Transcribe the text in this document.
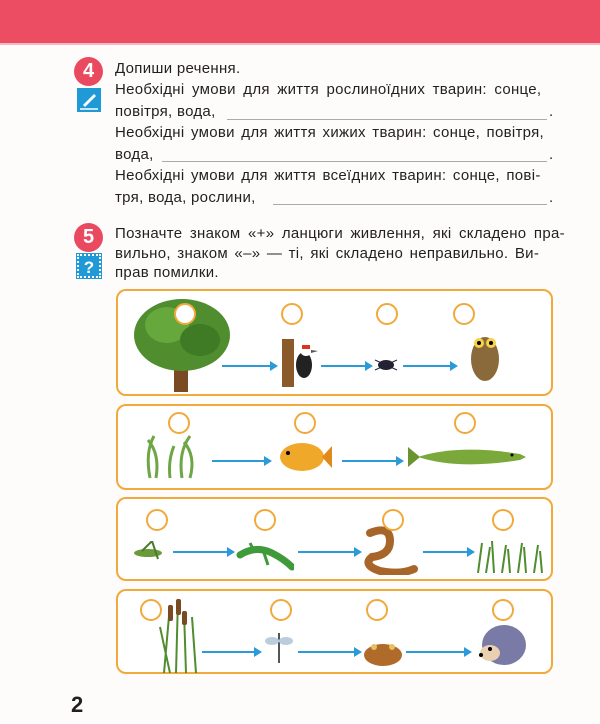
4	Допиши речення.
Необхідні умови для життя рослиноїдних тварин: сонце,
повітря, вода,	.
Необхідні умови для життя хижих тварин: сонце, повітря,
вода,	.
Необхідні умови для життя всеїдних тварин: сонце, пові-
тря, вода, рослини,	.
5
?
Позначте знаком «+» ланцюги живлення, які складено пра-
вильно, знаком «–» — ті, які складено неправильно. Ви-
прав помилки.
2
